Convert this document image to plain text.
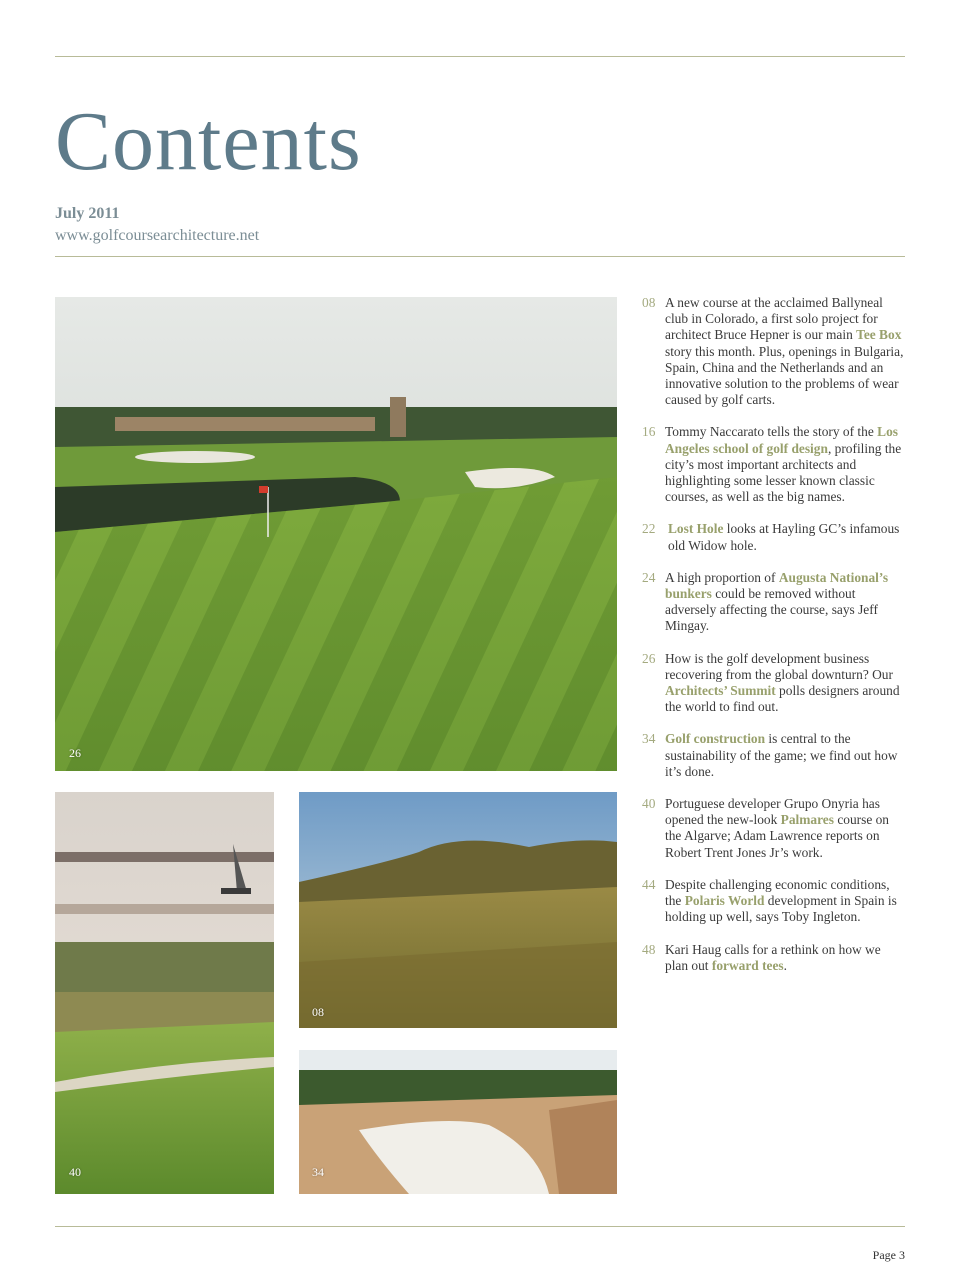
Contents
July 2011
www.golfcoursearchitecture.net
26
40
08
34
08 A new course at the acclaimed Ballyneal club in Colorado, a first solo project for architect Bruce Hepner is our main Tee Box story this month. Plus, openings in Bulgaria, Spain, China and the Netherlands and an innovative solution to the problems of wear caused by golf carts.
16 Tommy Naccarato tells the story of the Los Angeles school of golf design, profiling the city’s most important architects and highlighting some lesser known classic courses, as well as the big names.
22 Lost Hole looks at Hayling GC’s infamous old Widow hole.
24 A high proportion of Augusta National’s bunkers could be removed without adversely affecting the course, says Jeff Mingay.
26 How is the golf development business recovering from the global downturn? Our Architects’ Summit polls designers around the world to find out.
34 Golf construction is central to the sustainability of the game; we find out how it’s done.
40 Portuguese developer Grupo Onyria has opened the new-look Palmares course on the Algarve; Adam Lawrence reports on Robert Trent Jones Jr’s work.
44 Despite challenging economic conditions, the Polaris World development in Spain is holding up well, says Toby Ingleton.
48 Kari Haug calls for a rethink on how we plan out forward tees.
Page 3
